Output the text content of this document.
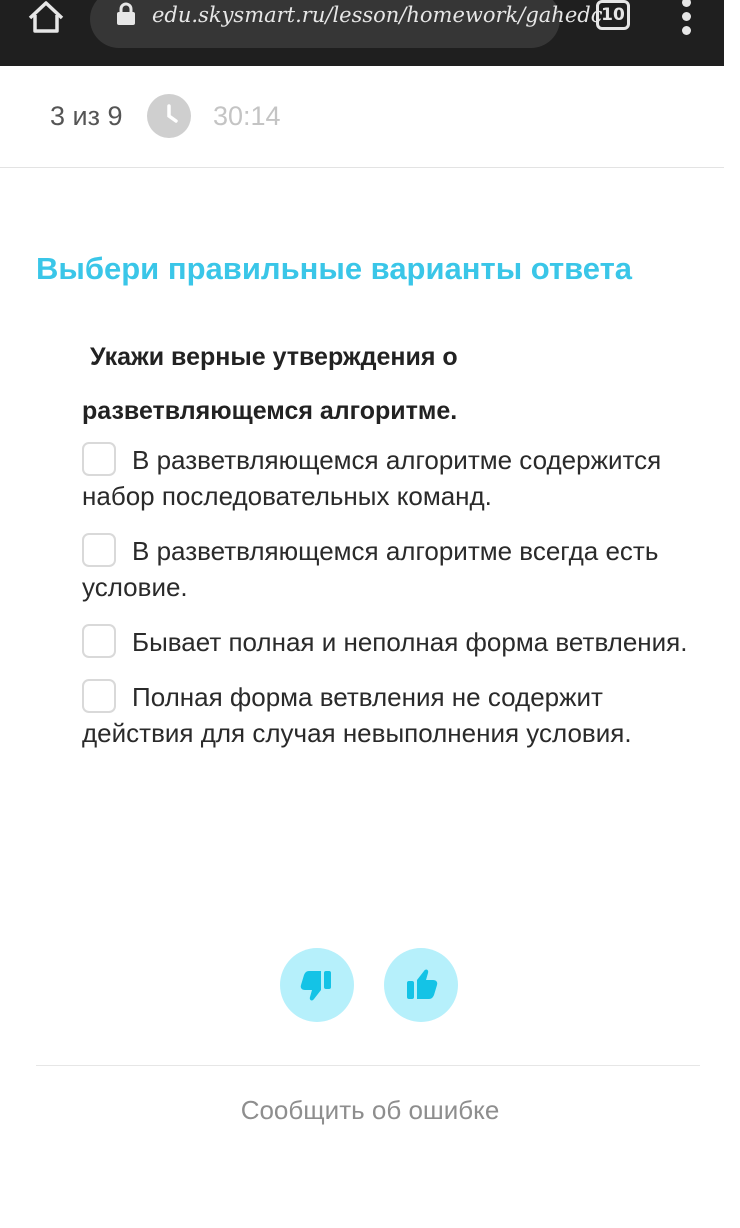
edu.skysmart.ru/lesson/homework/gahedc
10
3 из 9	30:14
Выбери правильные варианты ответа
Укажи верные утверждения о разветвляющемся алгоритме.
В разветвляющемся алгоритме содержится набор последовательных команд.
В разветвляющемся алгоритме всегда есть условие.
Бывает полная и неполная форма ветвления.
Полная форма ветвления не содержит действия для случая невыполнения условия.
Сообщить об ошибке
